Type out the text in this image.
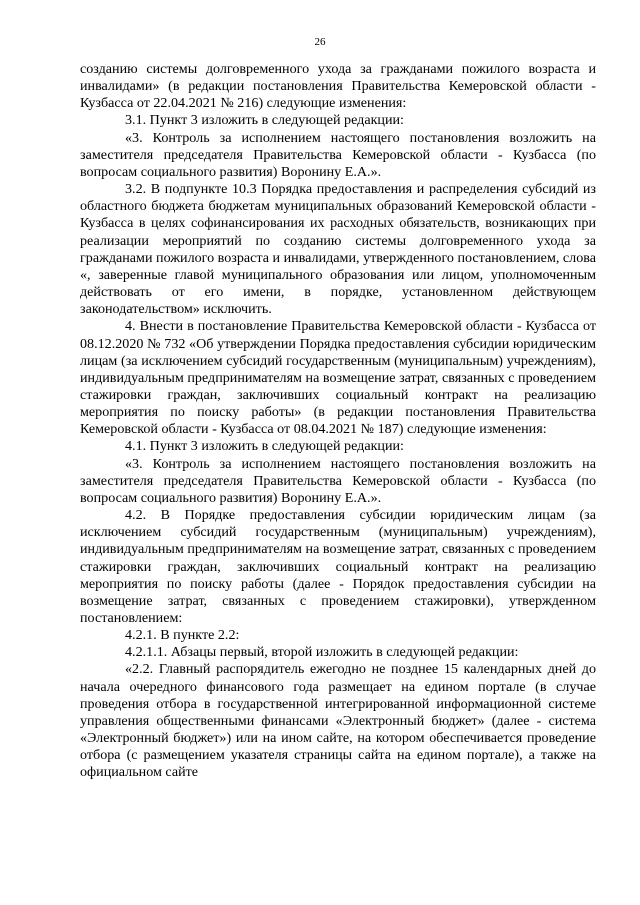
26

созданию системы долговременного ухода за гражданами пожилого возраста и инвалидами» (в редакции постановления Правительства Кемеровской области - Кузбасса от 22.04.2021 № 216) следующие изменения:

3.1. Пункт 3 изложить в следующей редакции:

«3. Контроль за исполнением настоящего постановления возложить на заместителя председателя Правительства Кемеровской области - Кузбасса (по вопросам социального развития) Воронину Е.А.».

3.2. В подпункте 10.3 Порядка предоставления и распределения субсидий из областного бюджета бюджетам муниципальных образований Кемеровской области - Кузбасса в целях софинансирования их расходных обязательств, возникающих при реализации мероприятий по созданию системы долговременного ухода за гражданами пожилого возраста и инвалидами, утвержденного постановлением, слова «, заверенные главой муниципального образования или лицом, уполномоченным действовать от его имени, в порядке, установленном действующем законодательством» исключить.

4. Внести в постановление Правительства Кемеровской области - Кузбасса от 08.12.2020 № 732 «Об утверждении Порядка предоставления субсидии юридическим лицам (за исключением субсидий государственным (муниципальным) учреждениям), индивидуальным предпринимателям на возмещение затрат, связанных с проведением стажировки граждан, заключивших социальный контракт на реализацию мероприятия по поиску работы» (в редакции постановления Правительства Кемеровской области - Кузбасса от 08.04.2021 № 187) следующие изменения:

4.1. Пункт 3 изложить в следующей редакции:

«3. Контроль за исполнением настоящего постановления возложить на заместителя председателя Правительства Кемеровской области - Кузбасса (по вопросам социального развития) Воронину Е.А.».

4.2. В Порядке предоставления субсидии юридическим лицам (за исключением субсидий государственным (муниципальным) учреждениям), индивидуальным предпринимателям на возмещение затрат, связанных с проведением стажировки граждан, заключивших социальный контракт на реализацию мероприятия по поиску работы (далее - Порядок предоставления субсидии на возмещение затрат, связанных с проведением стажировки), утвержденном постановлением:

4.2.1. В пункте 2.2:

4.2.1.1. Абзацы первый, второй изложить в следующей редакции:

«2.2. Главный распорядитель ежегодно не позднее 15 календарных дней до начала очередного финансового года размещает на едином портале (в случае проведения отбора в государственной интегрированной информационной системе управления общественными финансами «Электронный бюджет» (далее - система «Электронный бюджет») или на ином сайте, на котором обеспечивается проведение отбора (с размещением указателя страницы сайта на едином портале), а также на официальном сайте
